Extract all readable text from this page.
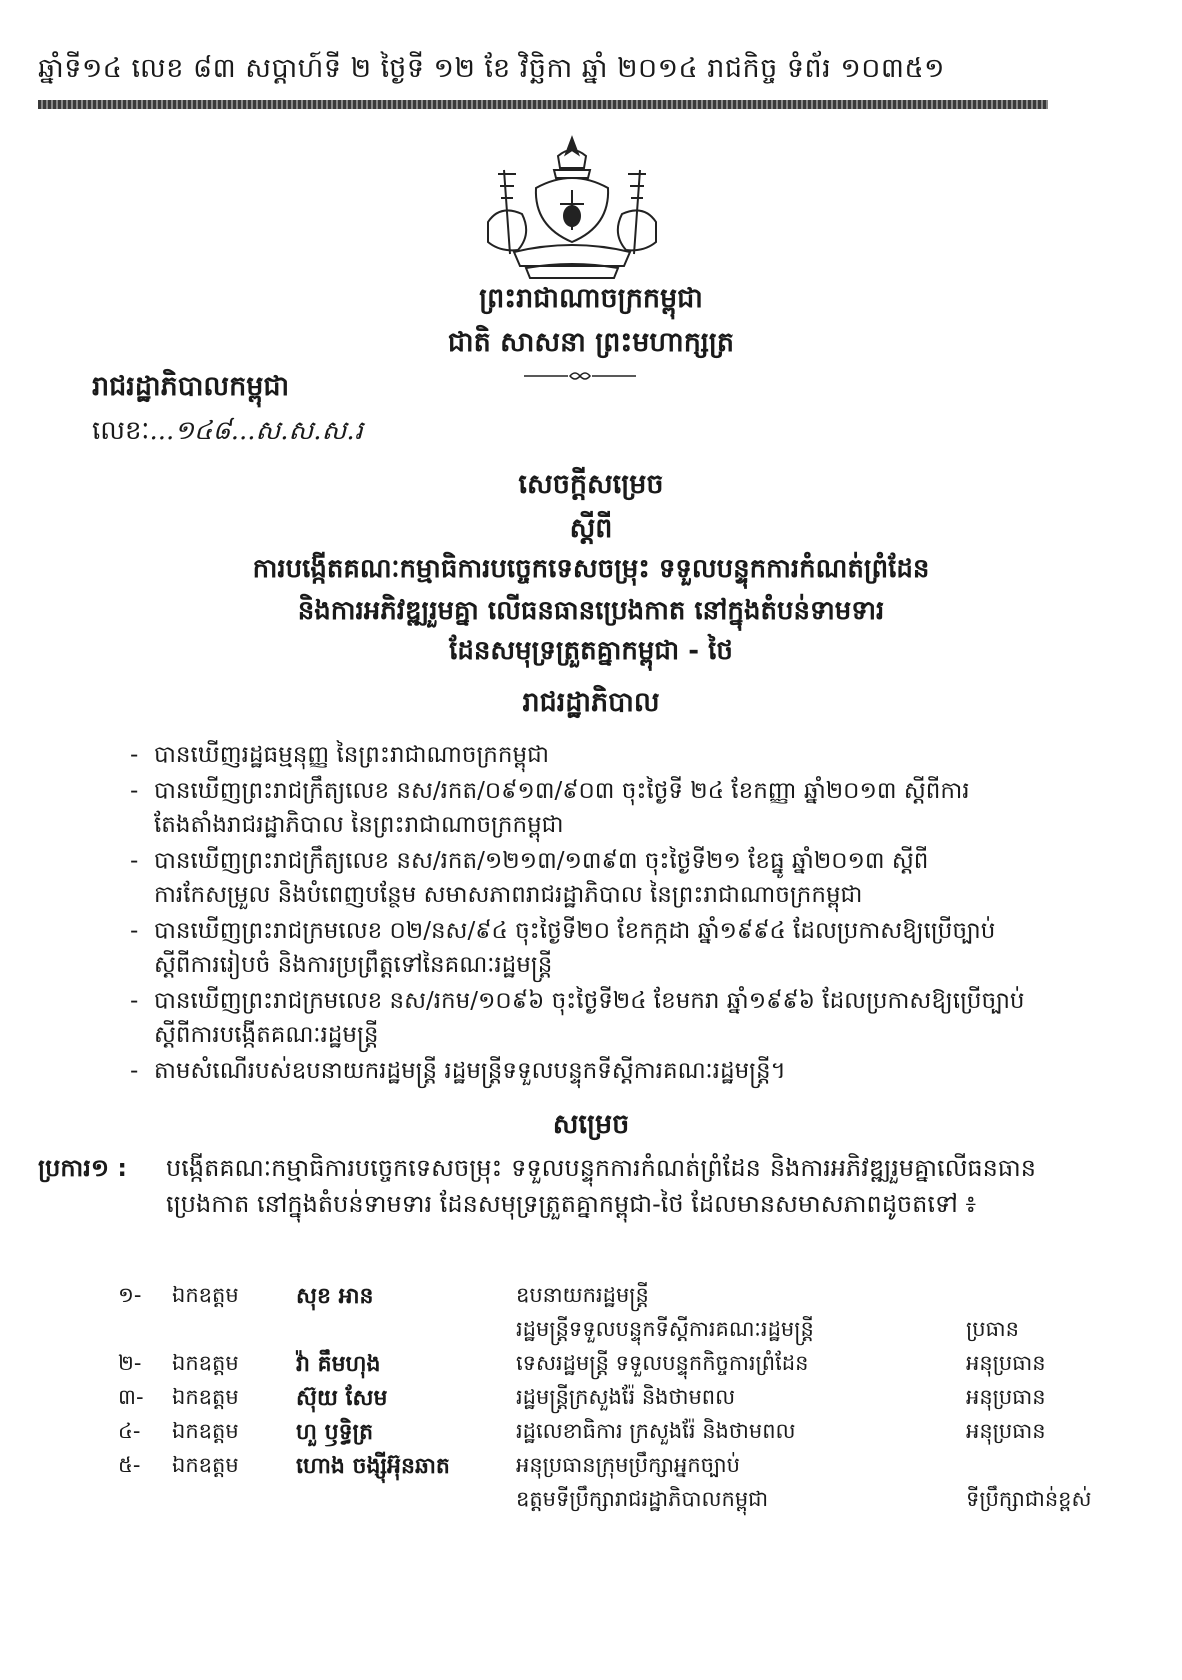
ឆ្នាំទី១៤ លេខ ៨៣ សប្ដាហ៍ទី ២ ថ្ងៃទី ១២ ខែ វិច្ឆិកា ឆ្នាំ ២០១៤ រាជកិច្ច ទំព័រ ១០៣៥១
ព្រះរាជាណាចក្រកម្ពុជា
ជាតិ សាសនា ព្រះមហាក្សត្រ
រាជរដ្ឋាភិបាលកម្ពុជា
លេខៈ...១៤៨...ស.ស.ស.រ
សេចក្ដីសម្រេច
ស្ដីពី
ការបង្កើតគណៈកម្មាធិការបច្ចេកទេសចម្រុះ ទទួលបន្ទុកការកំណត់ព្រំដែន
និងការអភិវឌ្ឍរួមគ្នា លើធនធានប្រេងកាត នៅក្នុងតំបន់ទាមទារ
ដែនសមុទ្រត្រួតគ្នាកម្ពុជា - ថៃ
រាជរដ្ឋាភិបាល
- បានឃើញរដ្ឋធម្មនុញ្ញ នៃព្រះរាជាណាចក្រកម្ពុជា
- បានឃើញព្រះរាជក្រឹត្យលេខ នស/រកត/០៩១៣/៩០៣ ចុះថ្ងៃទី ២៤ ខែកញ្ញា ឆ្នាំ២០១៣ ស្ដីពីការតែងតាំងរាជរដ្ឋាភិបាល នៃព្រះរាជាណាចក្រកម្ពុជា
- បានឃើញព្រះរាជក្រឹត្យលេខ នស/រកត/១២១៣/១៣៩៣ ចុះថ្ងៃទី២១ ខែធ្នូ ឆ្នាំ២០១៣ ស្ដីពីការកែសម្រួល និងបំពេញបន្ថែម សមាសភាពរាជរដ្ឋាភិបាល នៃព្រះរាជាណាចក្រកម្ពុជា
- បានឃើញព្រះរាជក្រមលេខ ០២/នស/៩៤ ចុះថ្ងៃទី២០ ខែកក្កដា ឆ្នាំ១៩៩៤ ដែលប្រកាសឱ្យប្រើច្បាប់ស្ដីពីការរៀបចំ និងការប្រព្រឹត្តទៅនៃគណៈរដ្ឋមន្ត្រី
- បានឃើញព្រះរាជក្រមលេខ នស/រកម/១០៩៦ ចុះថ្ងៃទី២៤ ខែមករា ឆ្នាំ១៩៩៦ ដែលប្រកាសឱ្យប្រើច្បាប់ស្ដីពីការបង្កើតគណៈរដ្ឋមន្ត្រី
- តាមសំណើរបស់ឧបនាយករដ្ឋមន្ត្រី រដ្ឋមន្ត្រីទទួលបន្ទុកទីស្ដីការគណៈរដ្ឋមន្ត្រី។
សម្រេច
ប្រការ១ : បង្កើតគណៈកម្មាធិការបច្ចេកទេសចម្រុះ ទទួលបន្ទុកការកំណត់ព្រំដែន និងការអភិវឌ្ឍរួមគ្នាលើធនធានប្រេងកាត នៅក្នុងតំបន់ទាមទារ ដែនសមុទ្រត្រួតគ្នាកម្ពុជា-ថៃ ដែលមានសមាសភាពដូចតទៅ ៖
១-	ឯកឧត្តម	សុខ អាន	ឧបនាយករដ្ឋមន្ត្រី
រដ្ឋមន្ត្រីទទួលបន្ទុកទីស្ដីការគណៈរដ្ឋមន្ត្រី	ប្រធាន
២-	ឯកឧត្តម	វ៉ា គឹមហុង	ទេសរដ្ឋមន្ត្រី ទទួលបន្ទុកកិច្ចការព្រំដែន	អនុប្រធាន
៣-	ឯកឧត្តម	ស៊ុយ សែម	រដ្ឋមន្ត្រីក្រសួងរ៉ែ និងថាមពល	អនុប្រធាន
៤-	ឯកឧត្តម	ហួ ឫទ្ធិត្រ	រដ្ឋលេខាធិការ ក្រសួងរ៉ែ និងថាមពល	អនុប្រធាន
៥-	ឯកឧត្តម	ហោង ចង្ស៊ីអ៊ុនឆាត	អនុប្រធានក្រុមប្រឹក្សាអ្នកច្បាប់
ឧត្តមទីប្រឹក្សារាជរដ្ឋាភិបាលកម្ពុជា	ទីប្រឹក្សាជាន់ខ្ពស់
